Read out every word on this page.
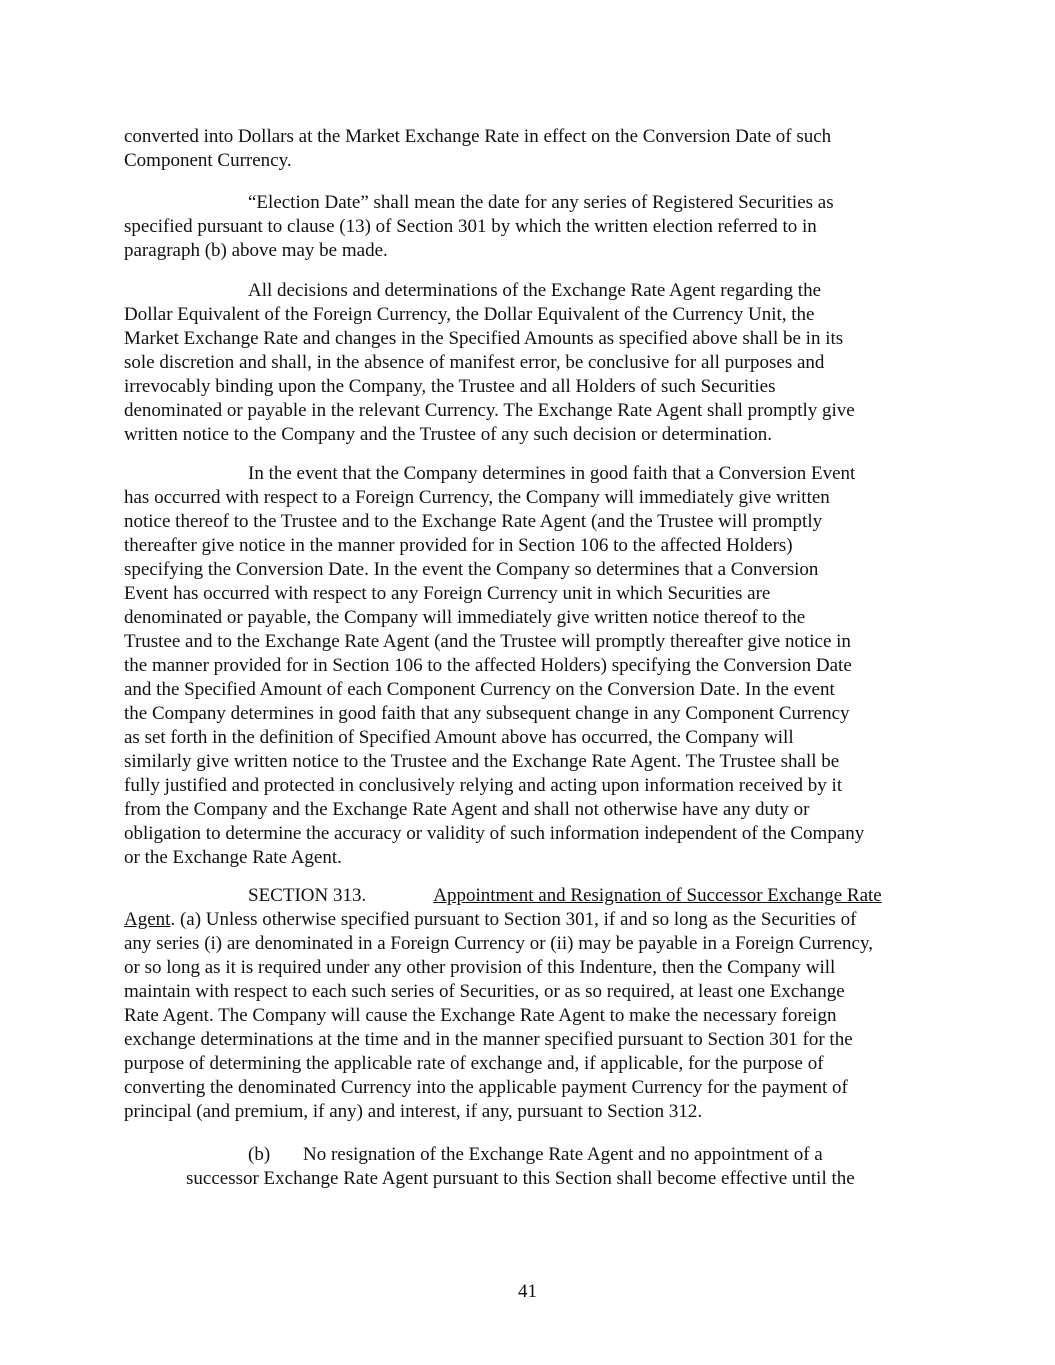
converted into Dollars at the Market Exchange Rate in effect on the Conversion Date of such
Component Currency.

“Election Date” shall mean the date for any series of Registered Securities as
specified pursuant to clause (13) of Section 301 by which the written election referred to in
paragraph (b) above may be made.

All decisions and determinations of the Exchange Rate Agent regarding the
Dollar Equivalent of the Foreign Currency, the Dollar Equivalent of the Currency Unit, the
Market Exchange Rate and changes in the Specified Amounts as specified above shall be in its
sole discretion and shall, in the absence of manifest error, be conclusive for all purposes and
irrevocably binding upon the Company, the Trustee and all Holders of such Securities
denominated or payable in the relevant Currency. The Exchange Rate Agent shall promptly give
written notice to the Company and the Trustee of any such decision or determination.

In the event that the Company determines in good faith that a Conversion Event
has occurred with respect to a Foreign Currency, the Company will immediately give written
notice thereof to the Trustee and to the Exchange Rate Agent (and the Trustee will promptly
thereafter give notice in the manner provided for in Section 106 to the affected Holders)
specifying the Conversion Date. In the event the Company so determines that a Conversion
Event has occurred with respect to any Foreign Currency unit in which Securities are
denominated or payable, the Company will immediately give written notice thereof to the
Trustee and to the Exchange Rate Agent (and the Trustee will promptly thereafter give notice in
the manner provided for in Section 106 to the affected Holders) specifying the Conversion Date
and the Specified Amount of each Component Currency on the Conversion Date. In the event
the Company determines in good faith that any subsequent change in any Component Currency
as set forth in the definition of Specified Amount above has occurred, the Company will
similarly give written notice to the Trustee and the Exchange Rate Agent. The Trustee shall be
fully justified and protected in conclusively relying and acting upon information received by it
from the Company and the Exchange Rate Agent and shall not otherwise have any duty or
obligation to determine the accuracy or validity of such information independent of the Company
or the Exchange Rate Agent.

SECTION 313.	Appointment and Resignation of Successor Exchange Rate
Agent. (a) Unless otherwise specified pursuant to Section 301, if and so long as the Securities of
any series (i) are denominated in a Foreign Currency or (ii) may be payable in a Foreign Currency,
or so long as it is required under any other provision of this Indenture, then the Company will
maintain with respect to each such series of Securities, or as so required, at least one Exchange
Rate Agent. The Company will cause the Exchange Rate Agent to make the necessary foreign
exchange determinations at the time and in the manner specified pursuant to Section 301 for the
purpose of determining the applicable rate of exchange and, if applicable, for the purpose of
converting the denominated Currency into the applicable payment Currency for the payment of
principal (and premium, if any) and interest, if any, pursuant to Section 312.

(b) No resignation of the Exchange Rate Agent and no appointment of a
successor Exchange Rate Agent pursuant to this Section shall become effective until the

41
